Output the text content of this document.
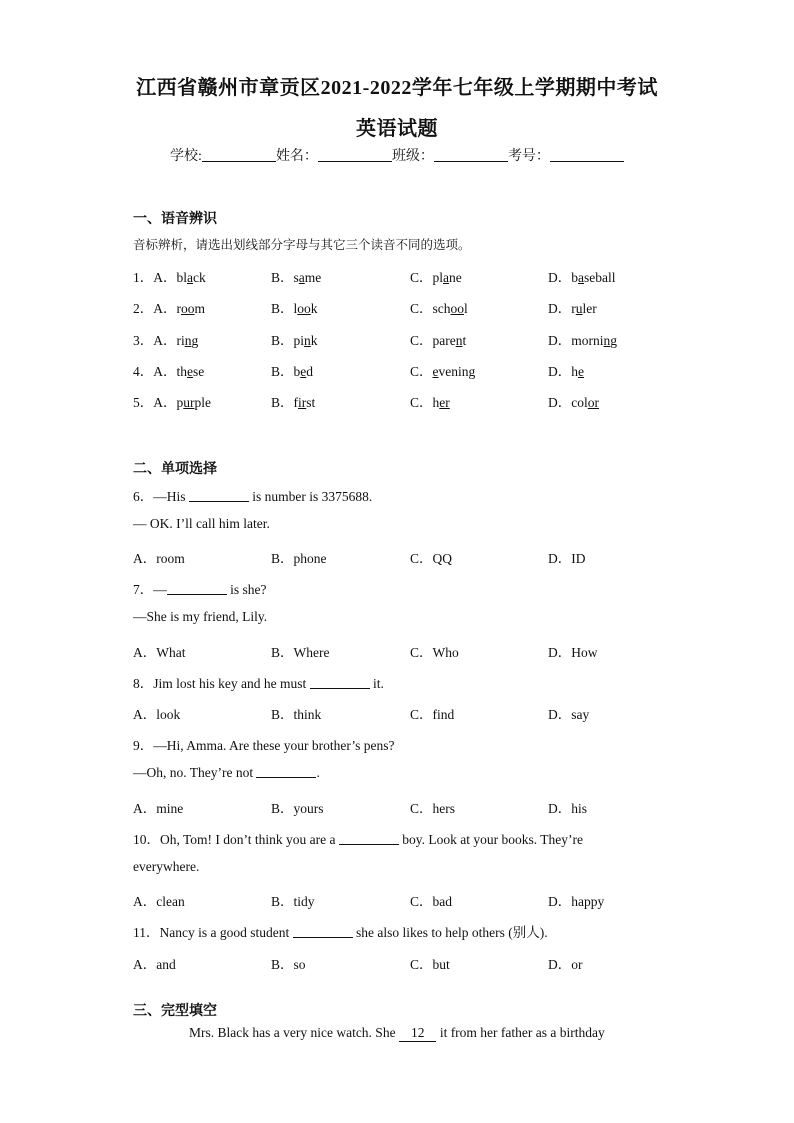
江西省赣州市章贡区2021-2022学年七年级上学期期中考试
英语试题
学校:	姓名：	班级：	考号：
一、语音辨识
音标辨析，请选出划线部分字母与其它三个读音不同的选项。
1．A．black	B．same	C．plane	D．baseball
2．A．room	B．look	C．school	D．ruler
3．A．ring	B．pink	C．parent	D．morning
4．A．these	B．bed	C．evening	D．he
5．A．purple	B．first	C．her	D．color
二、单项选择
6．—His	is number is 3375688.
— OK. I’ll call him later.
A．room	B．phone	C．QQ	D．ID
7．—	is she?
—She is my friend, Lily.
A．What	B．Where	C．Who	D．How
8．Jim lost his key and he must	it.
A．look	B．think	C．find	D．say
9．—Hi, Amma. Are these your brother’s pens?
—Oh, no. They’re not	.
A．mine	B．yours	C．hers	D．his
10．Oh, Tom! I don’t think you are a	boy. Look at your books. They’re
everywhere.
A．clean	B．tidy	C．bad	D．happy
11．Nancy is a good student	she also likes to help others (别人).
A．and	B．so	C．but	D．or
三、完型填空
Mrs. Black has a very nice watch. She 12 it from her father as a birthday
